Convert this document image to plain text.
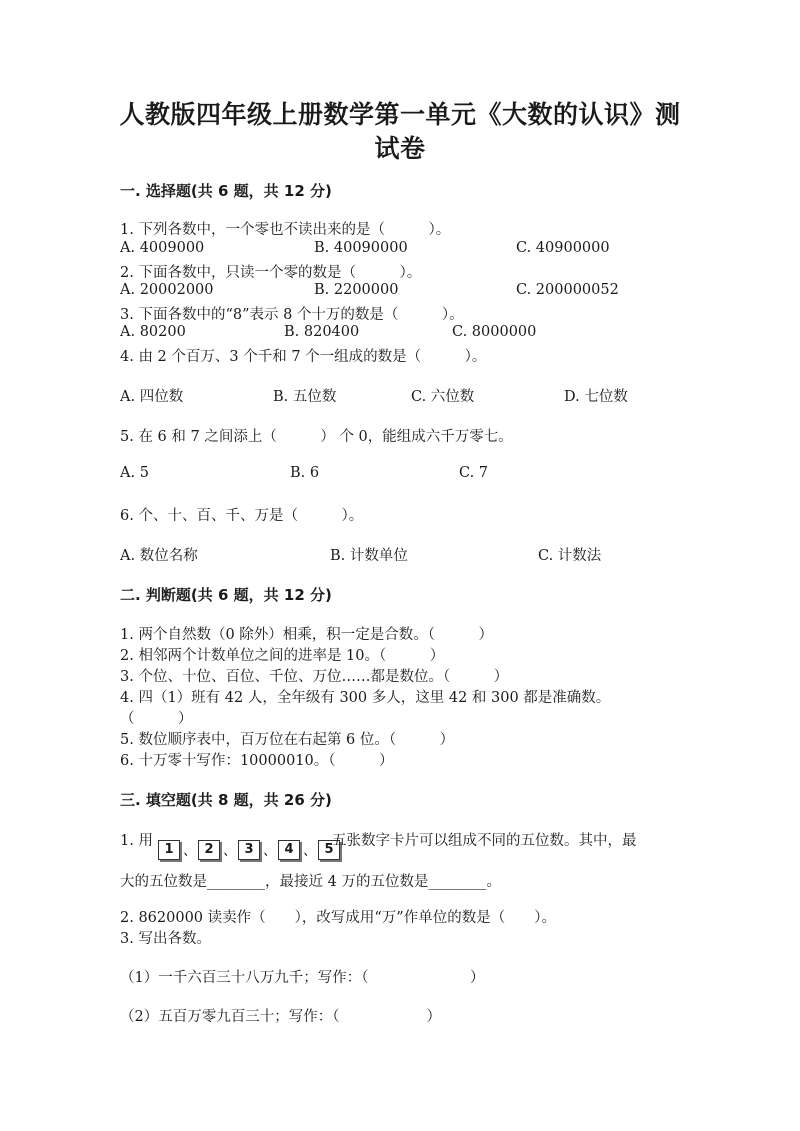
人教版四年级上册数学第一单元《大数的认识》测
试卷
一. 选择题(共 6 题，共 12 分)
1. 下列各数中，一个零也不读出来的是（　　　）。
A. 4009000	B. 40090000	C. 40900000
2. 下面各数中，只读一个零的数是（　　　）。
A. 20002000	B. 2200000	C. 200000052
3. 下面各数中的“8”表示 8 个十万的数是（　　　）。
A. 80200	B. 820400	C. 8000000
4. 由 2 个百万、3 个千和 7 个一组成的数是（　　　）。
A. 四位数	B. 五位数	C. 六位数	D. 七位数
5. 在 6 和 7 之间添上（　　　） 个 0，能组成六千万零七。
A. 5	B. 6	C. 7
6. 个、十、百、千、万是（　　　）。
A. 数位名称	B. 计数单位	C. 计数法
二. 判断题(共 6 题，共 12 分)
1. 两个自然数（0 除外）相乘，积一定是合数。（　　　）
2. 相邻两个计数单位之间的进率是 10。（　　　）
3. 个位、十位、百位、千位、万位……都是数位。（　　　）
4. 四（1）班有 42 人，全年级有 300 多人，这里 42 和 300 都是准确数。
（　　　）
5. 数位顺序表中，百万位在右起第 6 位。（　　　）
6. 十万零十写作：10000010。（　　　）
三. 填空题(共 8 题，共 26 分)
1. 用
1 、 2 、 3 、 4 、 5
五张数字卡片可以组成不同的五位数。其中，最
大的五位数是________，最接近 4 万的五位数是________。
2. 8620000 读卖作（　　），改写成用“万”作单位的数是（　　）。
3. 写出各数。
（1）一千六百三十八万九千；写作：（　　　　　　　）
（2）五百万零九百三十；写作：（　　　　　　）
